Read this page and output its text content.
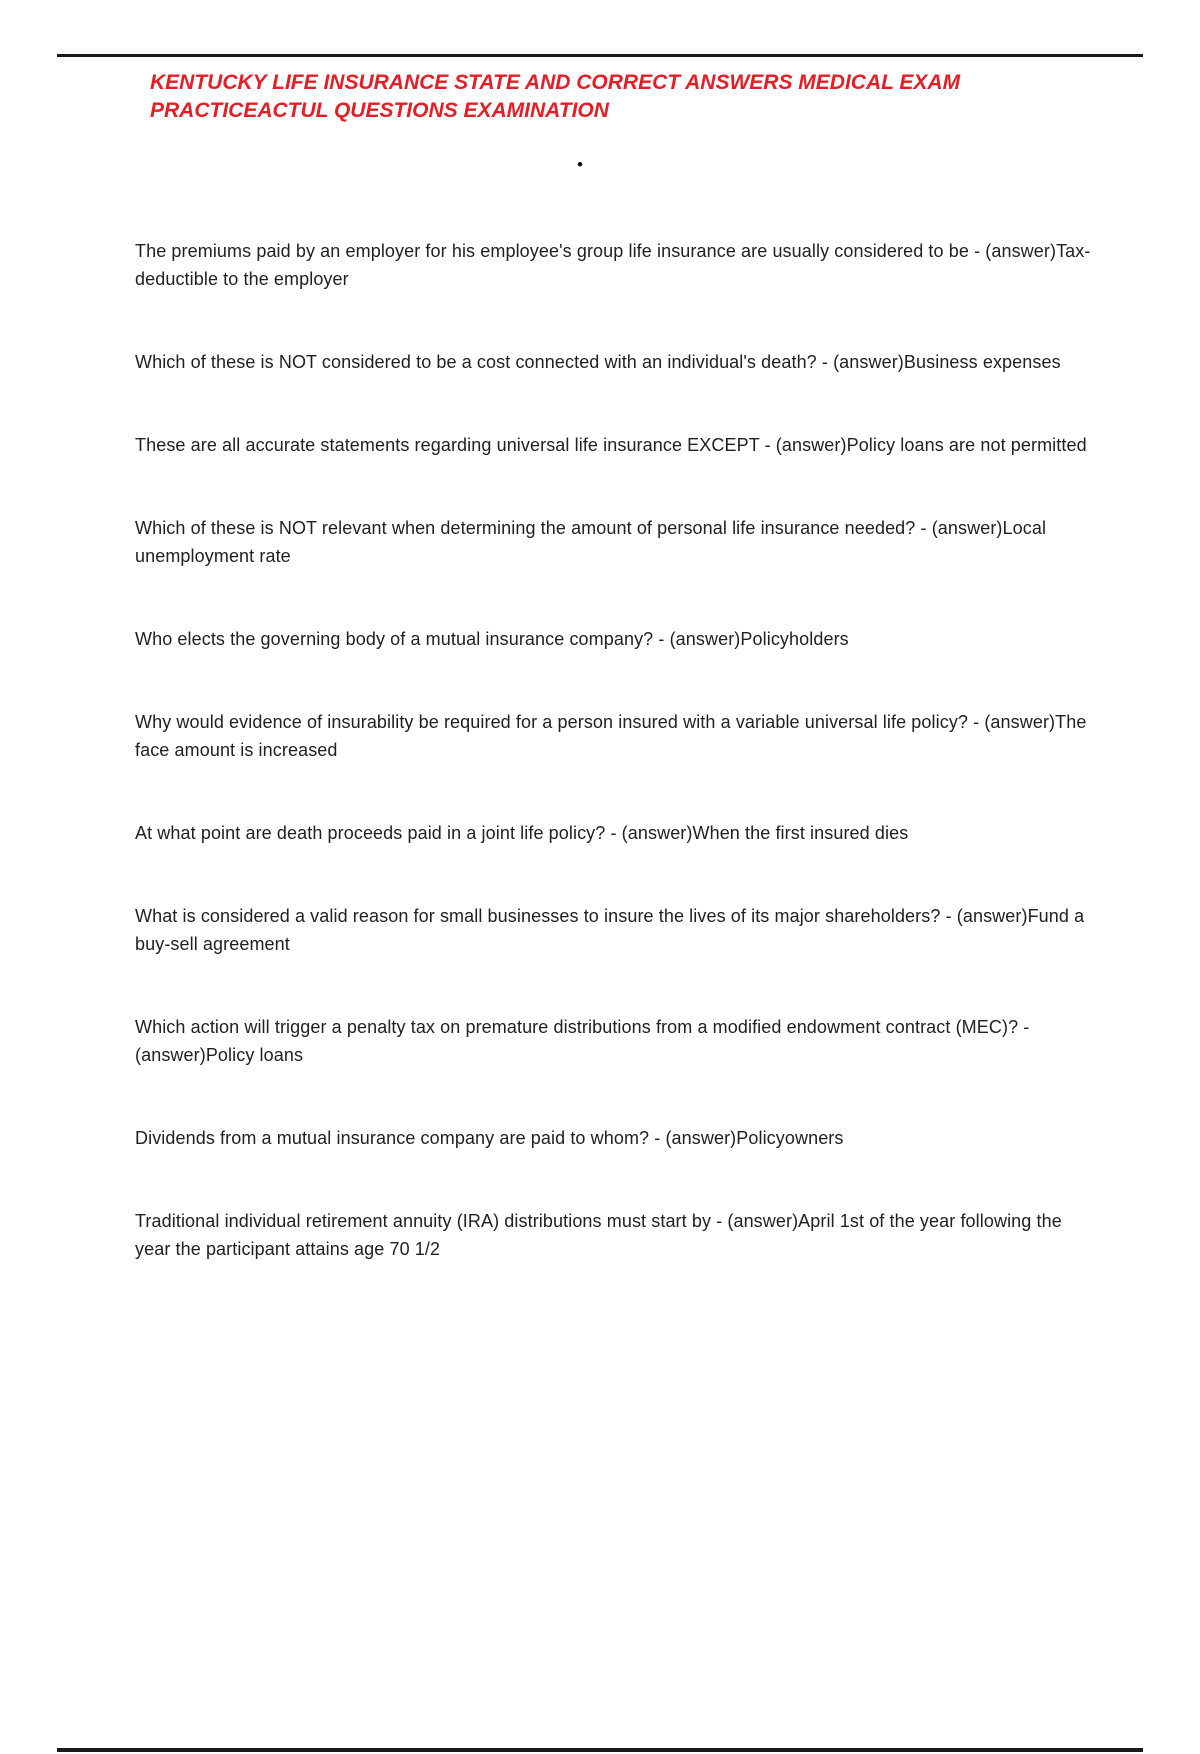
KENTUCKY LIFE INSURANCE STATE AND CORRECT ANSWERS MEDICAL EXAM
PRACTICEACTUL QUESTIONS EXAMINATION
•

The premiums paid by an employer for his employee's group life insurance are usually considered to be - (answer)Tax-deductible to the employer

Which of these is NOT considered to be a cost connected with an individual's death? - (answer)Business expenses

These are all accurate statements regarding universal life insurance EXCEPT - (answer)Policy loans are not permitted

Which of these is NOT relevant when determining the amount of personal life insurance needed? - (answer)Local unemployment rate

Who elects the governing body of a mutual insurance company? - (answer)Policyholders

Why would evidence of insurability be required for a person insured with a variable universal life policy? - (answer)The face amount is increased

At what point are death proceeds paid in a joint life policy? - (answer)When the first insured dies

What is considered a valid reason for small businesses to insure the lives of its major shareholders? - (answer)Fund a buy-sell agreement

Which action will trigger a penalty tax on premature distributions from a modified endowment contract (MEC)? - (answer)Policy loans

Dividends from a mutual insurance company are paid to whom? - (answer)Policyowners

Traditional individual retirement annuity (IRA) distributions must start by - (answer)April 1st of the year following the year the participant attains age 70 1/2
